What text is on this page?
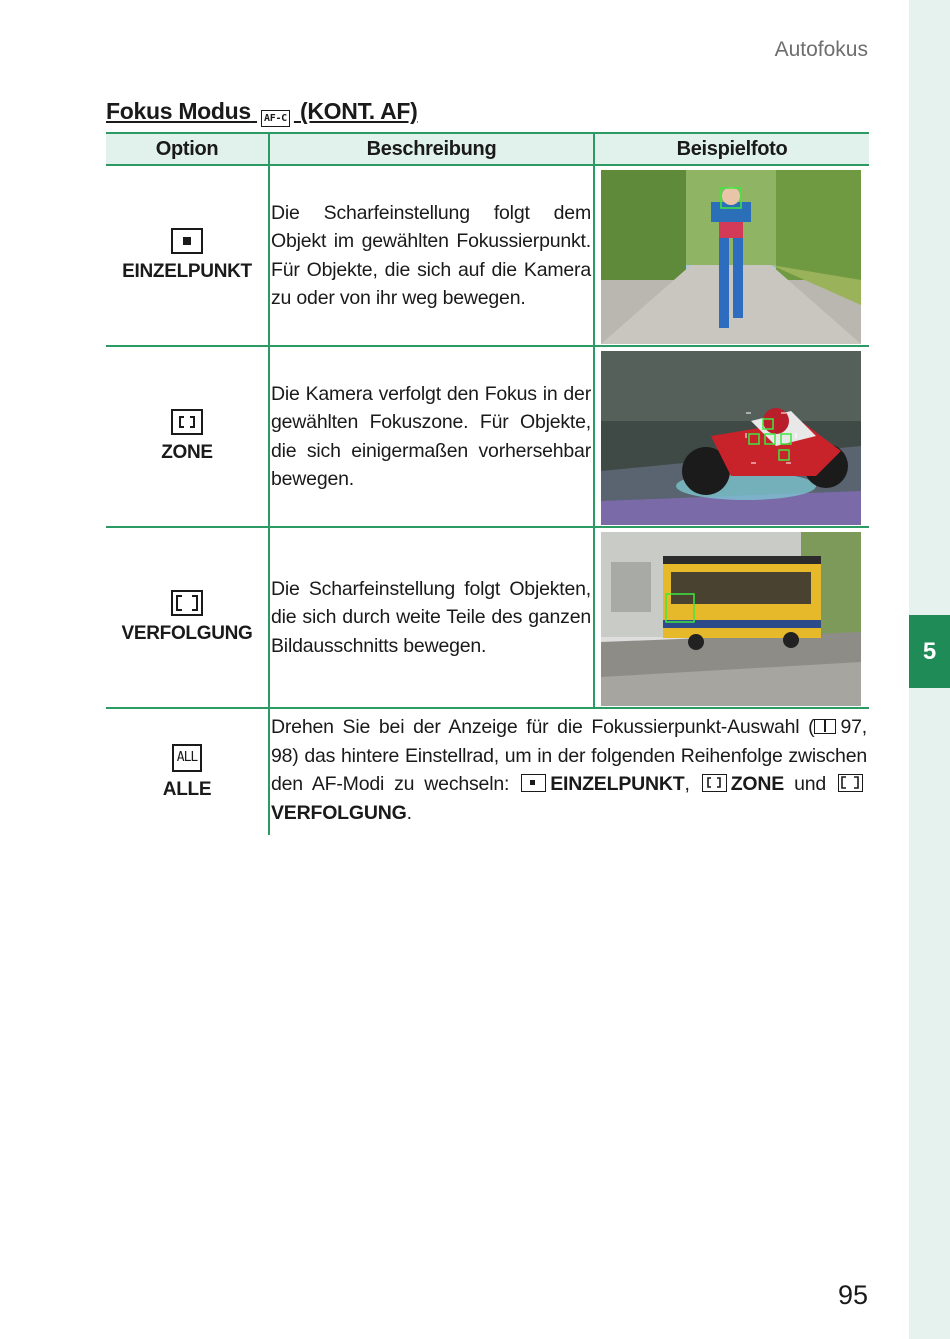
5
Autofokus
Fokus Modus AF-C (KONT. AF)
Option	Beschreibung	Beispielfoto
EINZELPUNKT

Die Scharfeinstellung folgt dem Objekt im gewählten Fokussierpunkt. Für Objekte, die sich auf die Kamera zu oder von ihr weg bewegen.

ZONE

Die Kamera verfolgt den Fokus in der gewählten Fokuszone. Für Objekte, die sich einigermaßen vorhersehbar bewegen.

VERFOLGUNG

Die Scharfeinstellung folgt Objekten, die sich durch weite Teile des ganzen Bildausschnitts bewegen.

ALL
ALLE

Drehen Sie bei der Anzeige für die Fokussierpunkt-Auswahl ( 97, 98) das hintere Einstellrad, um in der folgenden Reihenfolge zwischen den AF-Modi zu wechseln:
EINZELPUNKT, ZONE und
VERFOLGUNG.

95
